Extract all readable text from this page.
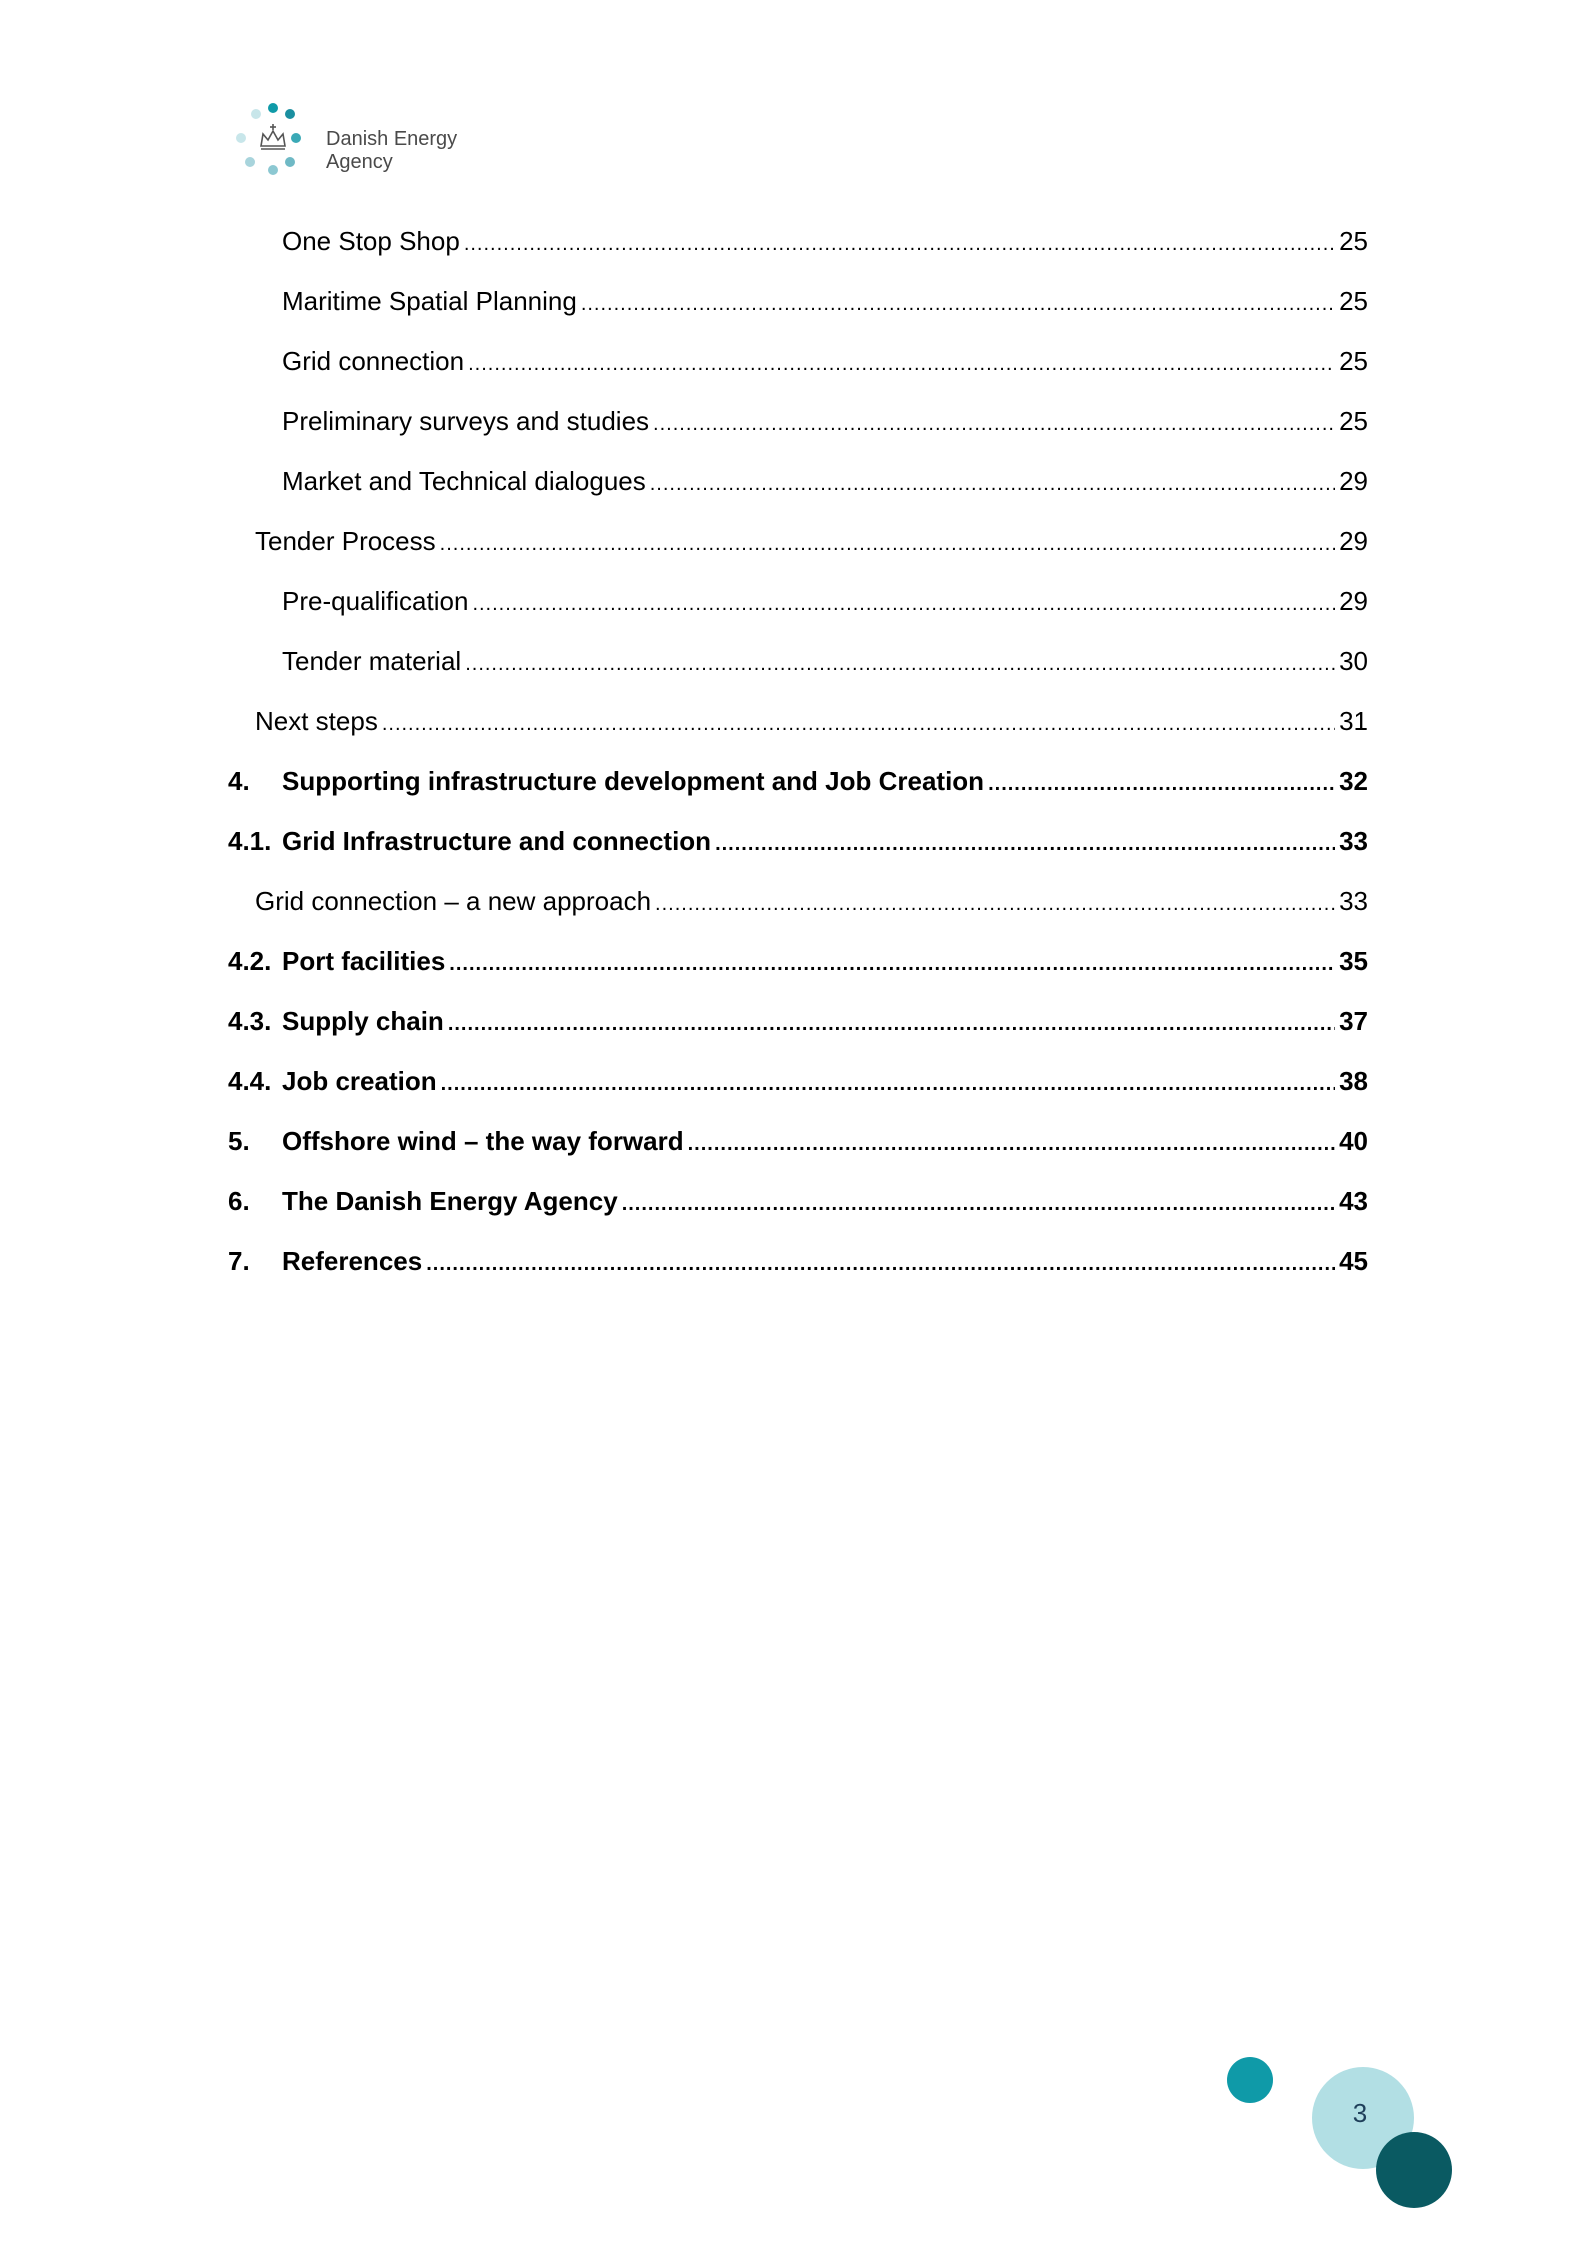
Danish Energy
Agency
One Stop Shop .....	25
Maritime Spatial Planning .....	25
Grid connection .....	25
Preliminary surveys and studies .....	25
Market and Technical dialogues .....	29
Tender Process .....	29
Pre-qualification .....	29
Tender material .....	30
Next steps .....	31
4.	Supporting infrastructure development and Job Creation .....	32
4.1. Grid Infrastructure and connection .....	33
Grid connection – a new approach .....	33
4.2. Port facilities .....	35
4.3. Supply chain .....	37
4.4. Job creation .....	38
5.	Offshore wind – the way forward .....	40
6.	The Danish Energy Agency .....	43
7.	References .....	45
3
